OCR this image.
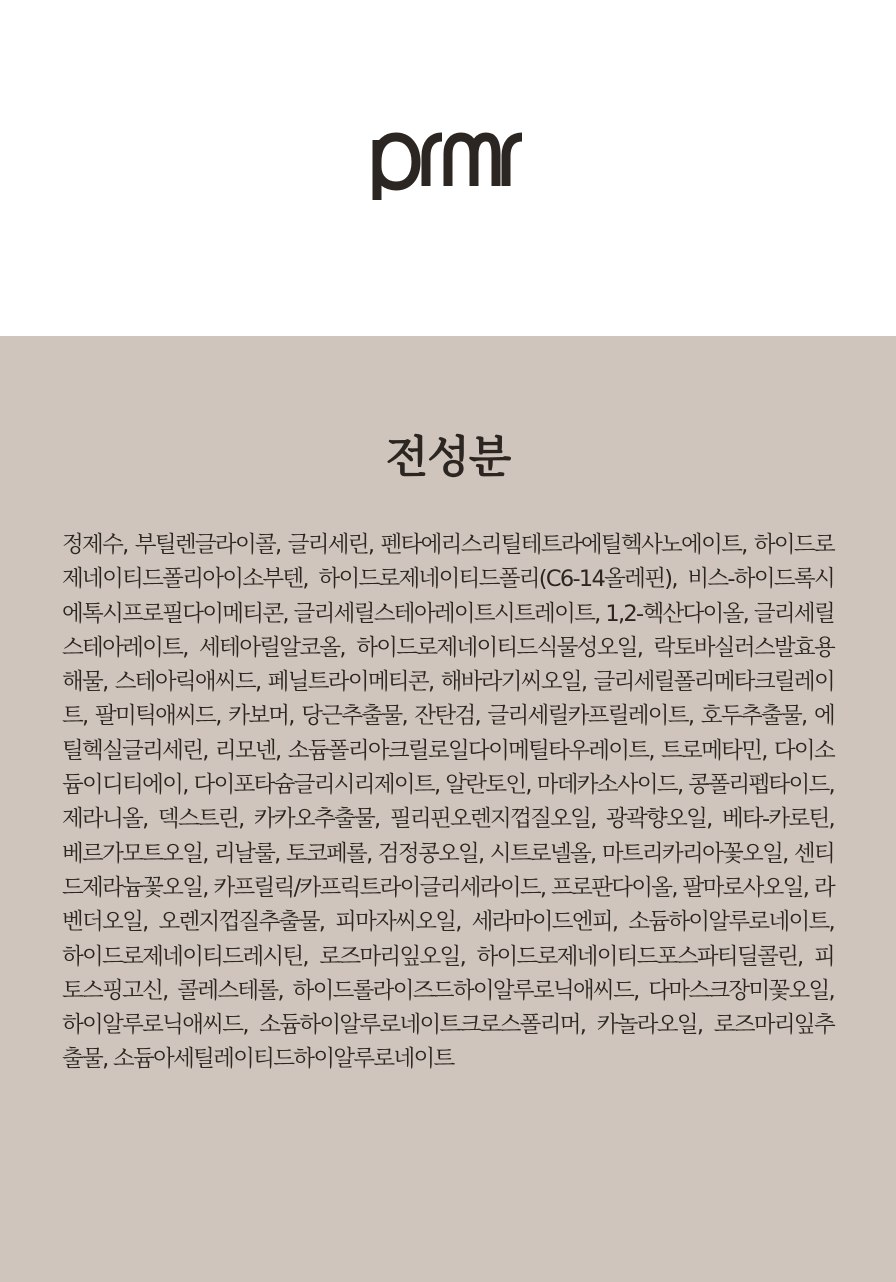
전성분
정제수, 부틸렌글라이콜, 글리세린, 펜타에리스리틸테트라에틸헥사노에이트, 하이드로제네이티드폴리아이소부텐, 하이드로제네이티드폴리(C6-14올레핀), 비스-하이드록시에톡시프로필다이메티콘, 글리세릴스테아레이트시트레이트, 1,2-헥산다이올, 글리세릴스테아레이트, 세테아릴알코올, 하이드로제네이티드식물성오일, 락토바실러스발효용해물, 스테아릭애씨드, 페닐트라이메티콘, 해바라기씨오일, 글리세릴폴리메타크릴레이트, 팔미틱애씨드, 카보머, 당근추출물, 잔탄검, 글리세릴카프릴레이트, 호두추출물, 에틸헥실글리세린, 리모넨, 소듐폴리아크릴로일다이메틸타우레이트, 트로메타민, 다이소듐이디티에이, 다이포타슘글리시리제이트, 알란토인, 마데카소사이드, 콩폴리펩타이드, 제라니올, 덱스트린, 카카오추출물, 필리핀오렌지껍질오일, 광곽향오일, 베타-카로틴, 베르가모트오일, 리날룰, 토코페롤, 검정콩오일, 시트로넬올, 마트리카리아꽃오일, 센티드제라늄꽃오일, 카프릴릭/카프릭트라이글리세라이드, 프로판다이올, 팔마로사오일, 라벤더오일, 오렌지껍질추출물, 피마자씨오일, 세라마이드엔피, 소듐하이알루로네이트, 하이드로제네이티드레시틴, 로즈마리잎오일, 하이드로제네이티드포스파티딜콜린, 피토스핑고신, 콜레스테롤, 하이드롤라이즈드하이알루로닉애씨드, 다마스크장미꽃오일, 하이알루로닉애씨드, 소듐하이알루로네이트크로스폴리머, 카놀라오일, 로즈마리잎추출물, 소듐아세틸레이티드하이알루로네이트
